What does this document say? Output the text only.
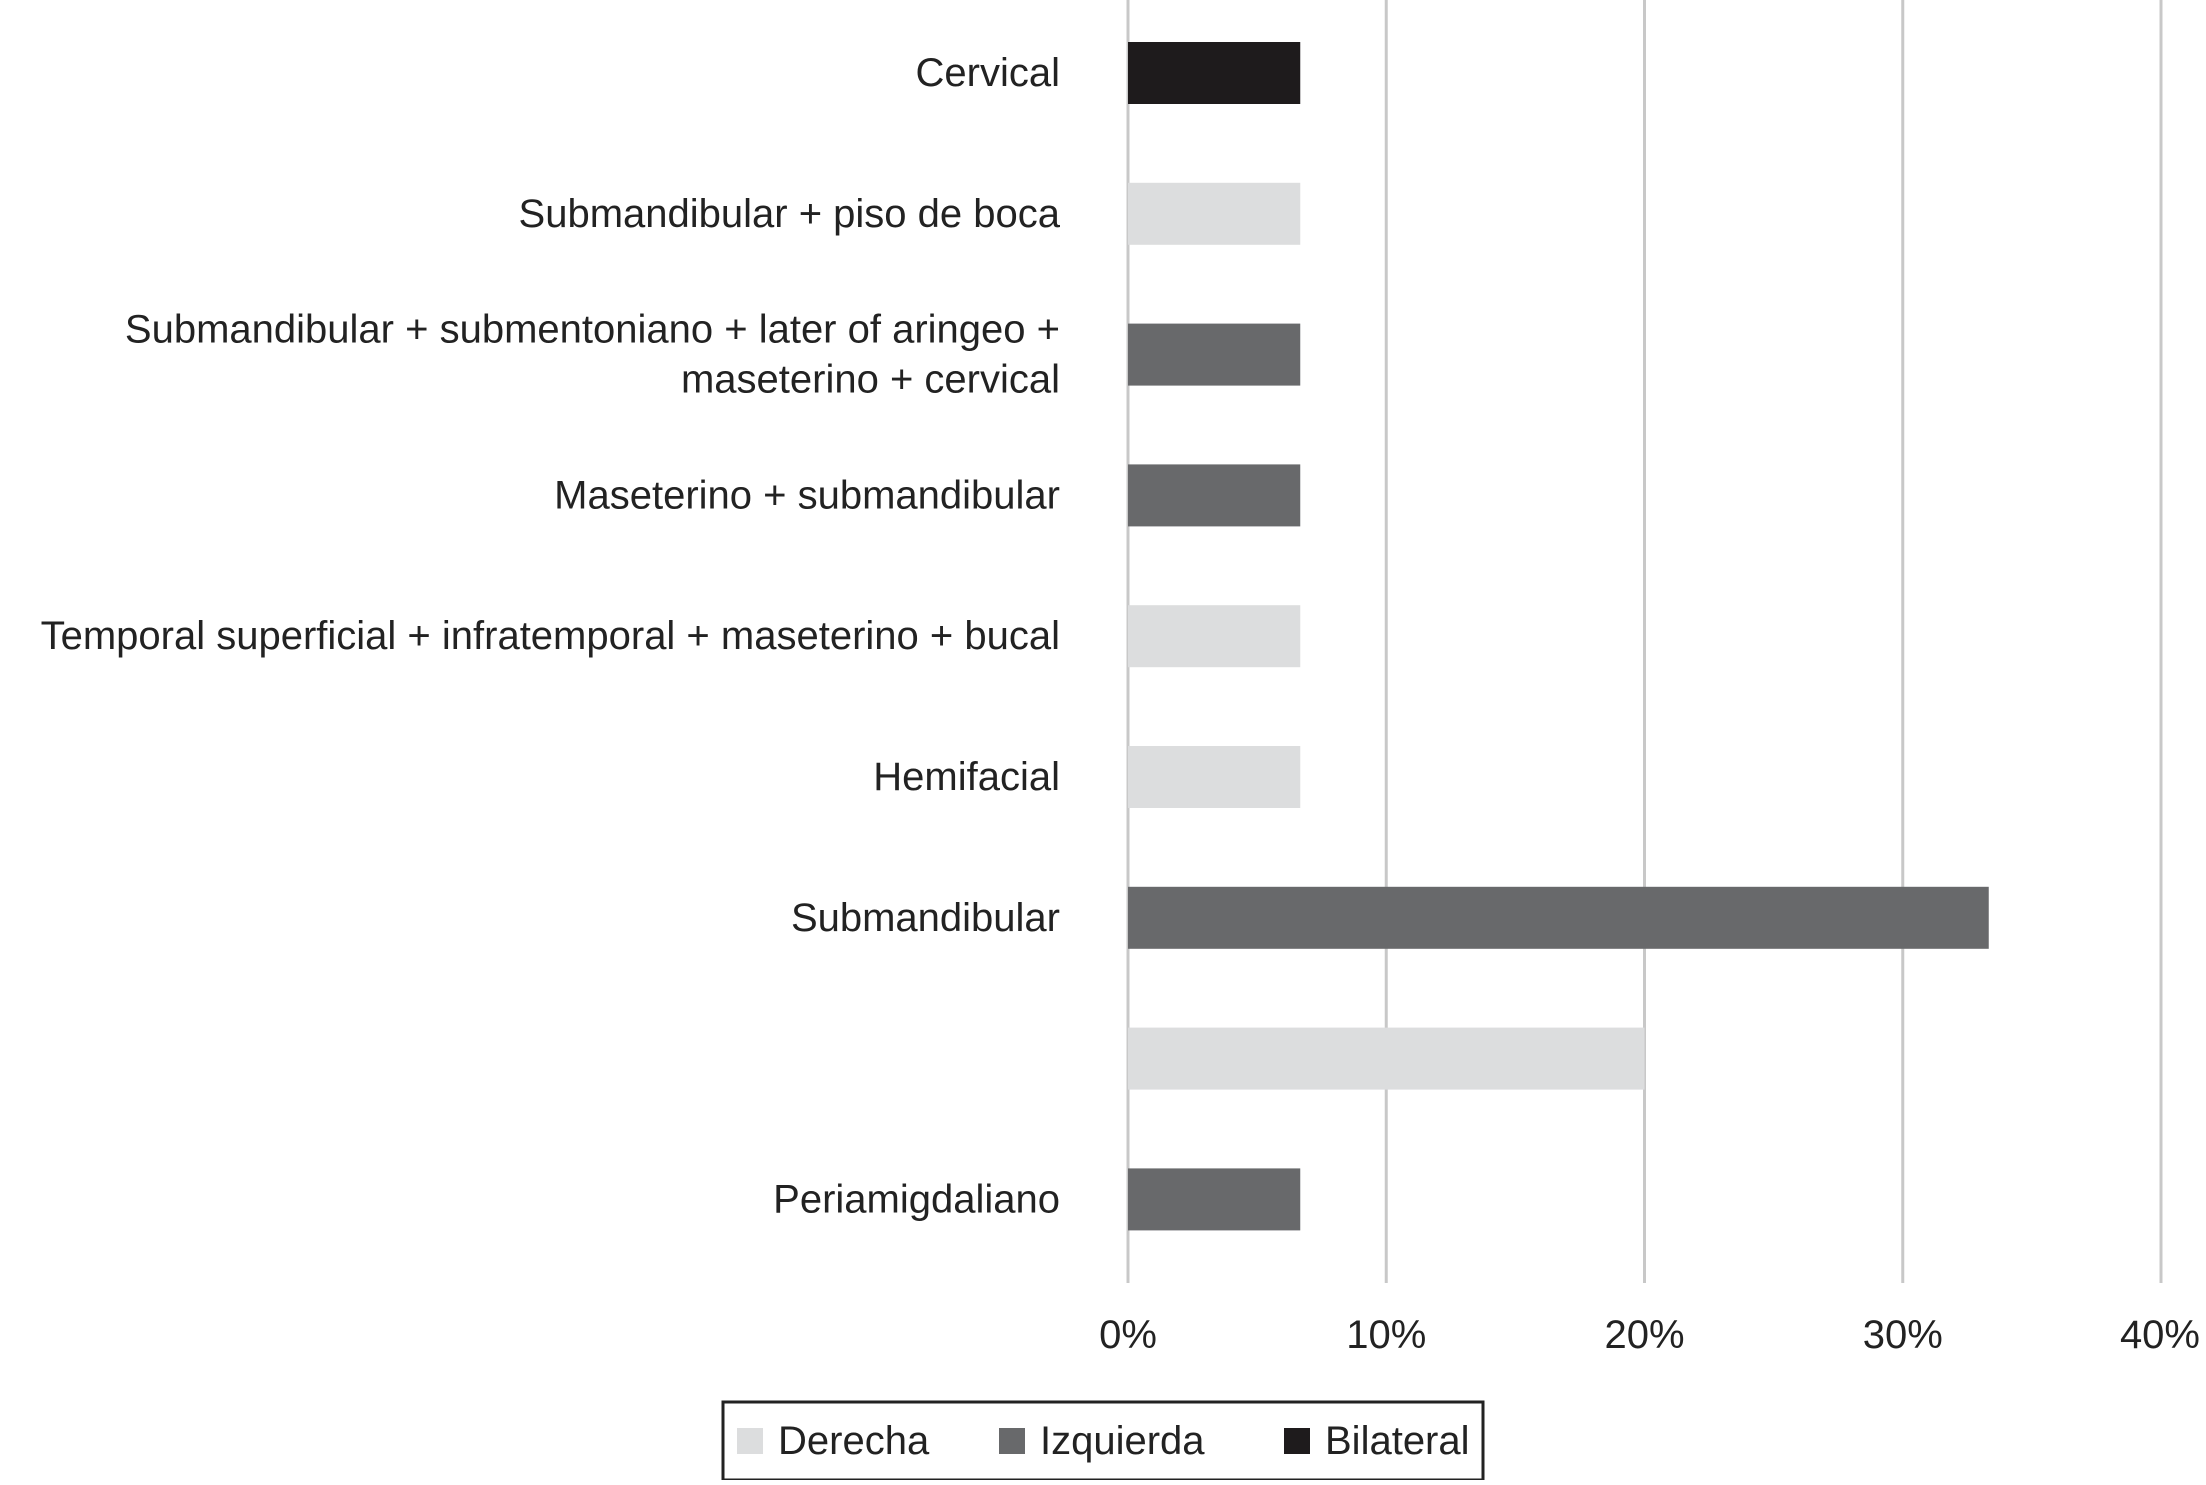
Cervical
Submandibular + piso de boca
Submandibular + submentoniano + later of aringeo +
maseterino + cervical
Maseterino + submandibular
Temporal superficial + infratemporal + maseterino + bucal
Hemifacial
Submandibular
Periamigdaliano
0%	10%	20%	30%	40%
Derecha	Izquierda	Bilateral
